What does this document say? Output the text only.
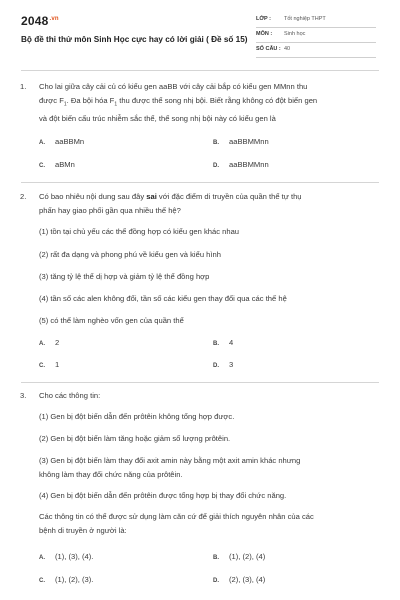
$2048^{.vn}$
Bộ đề thi thử môn Sinh Học cực hay có lời giải ( Đề số 15)
LỚP : Tốt nghiệp THPT
MÔN : Sinh học
SỐ CÂU : 40
1. Cho lai giữa cây cải củ có kiểu gen aaBB với cây cải bắp có kiểu gen MMnn thu
được $F_1$. Đa bội hóa $F_1$ thu được thể song nhị bội. Biết rằng không có đột biến gen
và đột biến cấu trúc nhiễm sắc thể, thể song nhị bội này có kiểu gen là
A. aaBBMn	B. aaBBMMnn
C. aBMn	D. aaBBMMnn
2. Có bao nhiêu nội dung sau đây sai với đặc điểm di truyền của quần thể tự thụ
phấn hay giao phối gần qua nhiều thế hệ?
(1) tồn tại chủ yếu các thể đồng hợp có kiểu gen khác nhau
(2) rất đa dạng và phong phú về kiểu gen và kiểu hình
(3) tăng tỷ lệ thể dị hợp và giảm tỷ lệ thể đồng hợp
(4) tần số các alen không đổi, tần số các kiểu gen thay đổi qua các thế hệ
(5) có thể làm nghèo vốn gen của quần thể
A. 2	B. 4
C. 1	D. 3
3. Cho các thông tin:
(1) Gen bị đột biến dẫn đến prôtêin không tổng hợp được.
(2) Gen bị đột biến làm tăng hoặc giảm số lượng prôtêin.
(3) Gen bị đột biến làm thay đổi axit amin này bằng một axit amin khác nhưng
không làm thay đổi chức năng của prôtêin.
(4) Gen bị đột biến dẫn đến prôtêin được tổng hợp bị thay đổi chức năng.
Các thông tin có thể được sử dụng làm căn cứ để giải thích nguyên nhân của các
bệnh di truyền ở người là:
A. (1), (3), (4).	B. (1), (2), (4)
C. (1), (2), (3).	D. (2), (3), (4)
